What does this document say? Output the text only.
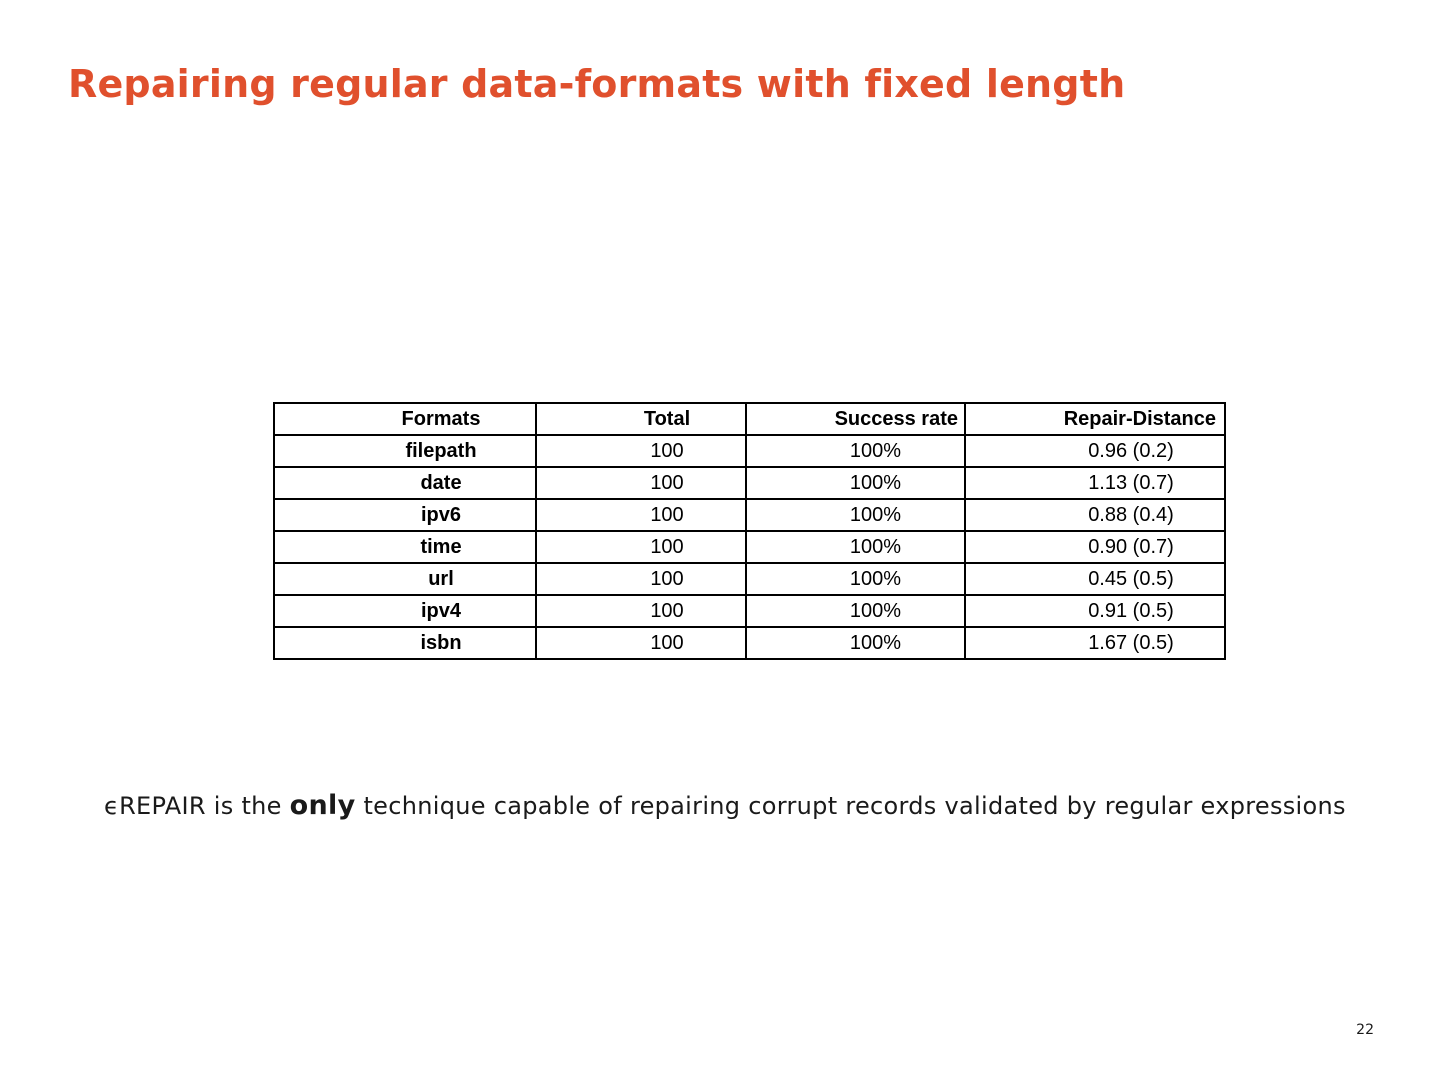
Repairing regular data-formats with fixed length
Formats	Total	Success rate	Repair-Distance
filepath	100	100%	0.96 (0.2)
date	100	100%	1.13 (0.7)
ipv6	100	100%	0.88 (0.4)
time	100	100%	0.90 (0.7)
url	100	100%	0.45 (0.5)
ipv4	100	100%	0.91 (0.5)
isbn	100	100%	1.67 (0.5)

ϵREPAIR is the only technique capable of repairing corrupt records validated by regular expressions

22
